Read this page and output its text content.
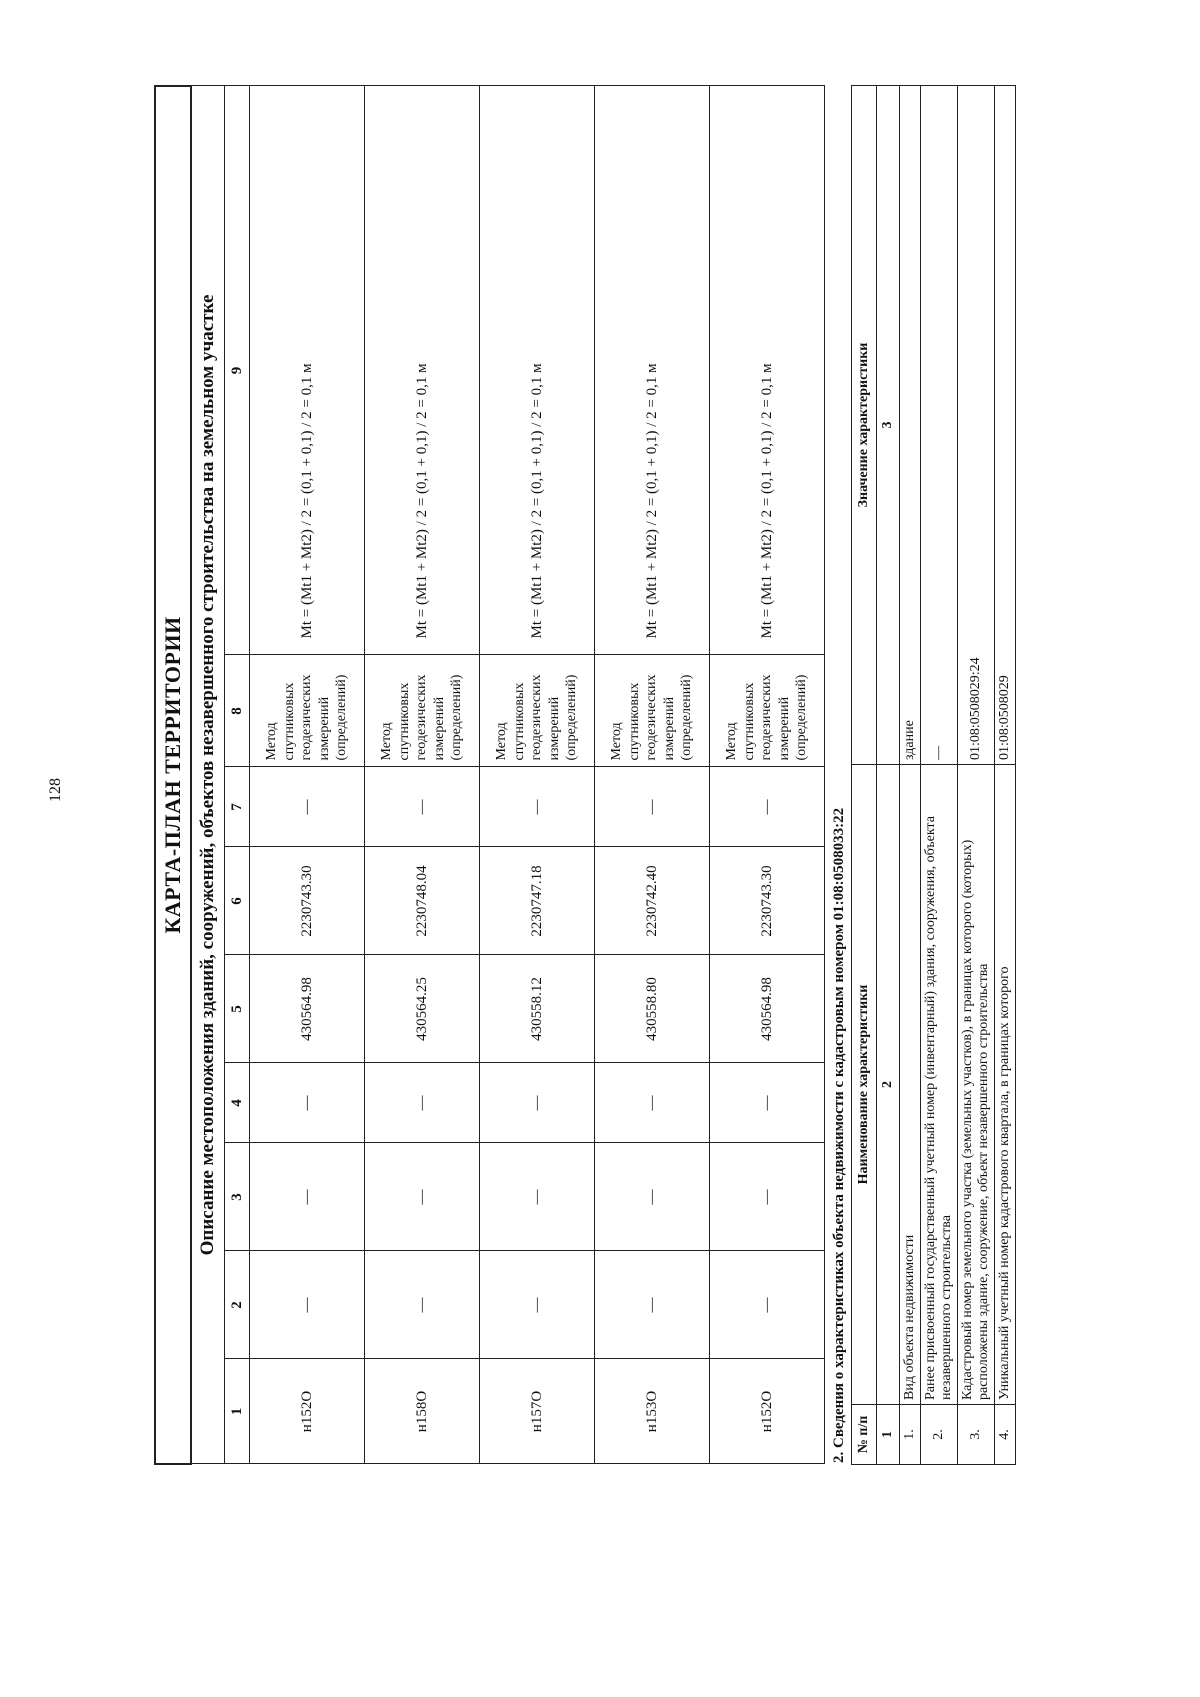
128	КАРТА-ПЛАН ТЕРРИТОРИИ								
Описание местоположения зданий, сооружений, объектов незавершенного строительства на земельном участке								
1	2	3	4	5	6	7	8	9
н152О	—	—	—	430564.98	2230743.30	—	Метод спутниковых геодезических измерений (определений)	Mt = (Mt1 + Mt2) / 2 = (0,1 + 0,1) / 2 = 0,1 м
н158О	—	—	—	430564.25	2230748.04	—	Метод спутниковых геодезических измерений (определений)	Mt = (Mt1 + Mt2) / 2 = (0,1 + 0,1) / 2 = 0,1 м
н157О	—	—	—	430558.12	2230747.18	—	Метод спутниковых геодезических измерений (определений)	Mt = (Mt1 + Mt2) / 2 = (0,1 + 0,1) / 2 = 0,1 м
н153О	—	—	—	430558.80	2230742.40	—	Метод спутниковых геодезических измерений (определений)	Mt = (Mt1 + Mt2) / 2 = (0,1 + 0,1) / 2 = 0,1 м
н152О	—	—	—	430564.98	2230743.30	—	Метод спутниковых геодезических измерений (определений)	Mt = (Mt1 + Mt2) / 2 = (0,1 + 0,1) / 2 = 0,1 м
2. Сведения о характеристиках объекта недвижимости с кадастровым номером 01:08:0508033:22 № п/п	Наименование характеристики	Значение характеристики
1	2	3
1.	Вид объекта недвижимости	здание
2.	Ранее присвоенный государственный учетный номер (инвентарный) здания, сооружения, объекта незавершенного строительства	—
3.	Кадастровый номер земельного участка (земельных участков), в границах которого (которых) расположены здание, сооружение, объект незавершенного строительства	01:08:0508029:24
4.	Уникальный учетный номер кадастрового квартала, в границах которого	01:08:0508029
